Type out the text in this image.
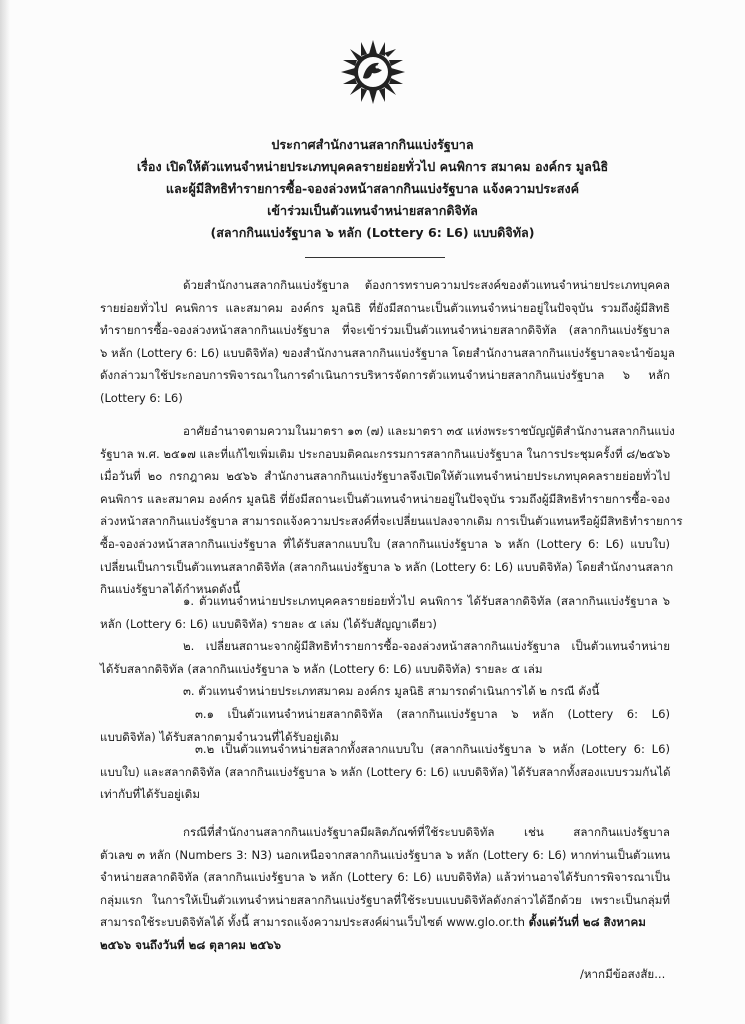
ประกาศสำนักงานสลากกินแบ่งรัฐบาล
เรื่อง เปิดให้ตัวแทนจำหน่ายประเภทบุคคลรายย่อยทั่วไป คนพิการ สมาคม องค์กร มูลนิธิ
และผู้มีสิทธิทำรายการซื้อ-จองล่วงหน้าสลากกินแบ่งรัฐบาล แจ้งความประสงค์
เข้าร่วมเป็นตัวแทนจำหน่ายสลากดิจิทัล
(สลากกินแบ่งรัฐบาล ๖ หลัก (Lottery 6: L6) แบบดิจิทัล)
ด้วยสำนักงานสลากกินแบ่งรัฐบาล ต้องการทราบความประสงค์ของตัวแทนจำหน่ายประเภทบุคคล
รายย่อยทั่วไป คนพิการ และสมาคม องค์กร มูลนิธิ ที่ยังมีสถานะเป็นตัวแทนจำหน่ายอยู่ในปัจจุบัน รวมถึงผู้มีสิทธิ
ทำรายการซื้อ-จองล่วงหน้าสลากกินแบ่งรัฐบาล ที่จะเข้าร่วมเป็นตัวแทนจำหน่ายสลากดิจิทัล (สลากกินแบ่งรัฐบาล
๖ หลัก (Lottery 6: L6) แบบดิจิทัล) ของสำนักงานสลากกินแบ่งรัฐบาล โดยสำนักงานสลากกินแบ่งรัฐบาลจะนำข้อมูล
ดังกล่าวมาใช้ประกอบการพิจารณาในการดำเนินการบริหารจัดการตัวแทนจำหน่ายสลากกินแบ่งรัฐบาล ๖ หลัก
(Lottery 6: L6)
อาศัยอำนาจตามความในมาตรา ๑๓ (๗) และมาตรา ๓๕ แห่งพระราชบัญญัติสำนักงานสลากกินแบ่ง
รัฐบาล พ.ศ. ๒๕๑๗ และที่แก้ไขเพิ่มเติม ประกอบมติคณะกรรมการสลากกินแบ่งรัฐบาล ในการประชุมครั้งที่ ๘/๒๕๖๖
เมื่อวันที่ ๒๐ กรกฎาคม ๒๕๖๖ สำนักงานสลากกินแบ่งรัฐบาลจึงเปิดให้ตัวแทนจำหน่ายประเภทบุคคลรายย่อยทั่วไป
คนพิการ และสมาคม องค์กร มูลนิธิ ที่ยังมีสถานะเป็นตัวแทนจำหน่ายอยู่ในปัจจุบัน รวมถึงผู้มีสิทธิทำรายการซื้อ-จอง
ล่วงหน้าสลากกินแบ่งรัฐบาล สามารถแจ้งความประสงค์ที่จะเปลี่ยนแปลงจากเดิม การเป็นตัวแทนหรือผู้มีสิทธิทำรายการ
ซื้อ-จองล่วงหน้าสลากกินแบ่งรัฐบาล ที่ได้รับสลากแบบใบ (สลากกินแบ่งรัฐบาล ๖ หลัก (Lottery 6: L6) แบบใบ)
เปลี่ยนเป็นการเป็นตัวแทนสลากดิจิทัล (สลากกินแบ่งรัฐบาล ๖ หลัก (Lottery 6: L6) แบบดิจิทัล) โดยสำนักงานสลาก
กินแบ่งรัฐบาลได้กำหนดดังนี้
๑. ตัวแทนจำหน่ายประเภทบุคคลรายย่อยทั่วไป คนพิการ ได้รับสลากดิจิทัล (สลากกินแบ่งรัฐบาล ๖
หลัก (Lottery 6: L6) แบบดิจิทัล) รายละ ๕ เล่ม (ได้รับสัญญาเดียว)
๒. เปลี่ยนสถานะจากผู้มีสิทธิทำรายการซื้อ-จองล่วงหน้าสลากกินแบ่งรัฐบาล เป็นตัวแทนจำหน่าย
ได้รับสลากดิจิทัล (สลากกินแบ่งรัฐบาล ๖ หลัก (Lottery 6: L6) แบบดิจิทัล) รายละ ๕ เล่ม
๓. ตัวแทนจำหน่ายประเภทสมาคม องค์กร มูลนิธิ สามารถดำเนินการได้ ๒ กรณี ดังนี้
๓.๑ เป็นตัวแทนจำหน่ายสลากดิจิทัล (สลากกินแบ่งรัฐบาล ๖ หลัก (Lottery 6: L6)
แบบดิจิทัล) ได้รับสลากตามจำนวนที่ได้รับอยู่เดิม
๓.๒ เป็นตัวแทนจำหน่ายสลากทั้งสลากแบบใบ (สลากกินแบ่งรัฐบาล ๖ หลัก (Lottery 6: L6)
แบบใบ) และสลากดิจิทัล (สลากกินแบ่งรัฐบาล ๖ หลัก (Lottery 6: L6) แบบดิจิทัล) ได้รับสลากทั้งสองแบบรวมกันได้
เท่ากับที่ได้รับอยู่เดิม
กรณีที่สำนักงานสลากกินแบ่งรัฐบาลมีผลิตภัณฑ์ที่ใช้ระบบดิจิทัล เช่น สลากกินแบ่งรัฐบาล
ตัวเลข ๓ หลัก (Numbers 3: N3) นอกเหนือจากสลากกินแบ่งรัฐบาล ๖ หลัก (Lottery 6: L6) หากท่านเป็นตัวแทน
จำหน่ายสลากดิจิทัล (สลากกินแบ่งรัฐบาล ๖ หลัก (Lottery 6: L6) แบบดิจิทัล) แล้วท่านอาจได้รับการพิจารณาเป็น
กลุ่มแรก ในการให้เป็นตัวแทนจำหน่ายสลากกินแบ่งรัฐบาลที่ใช้ระบบแบบดิจิทัลดังกล่าวได้อีกด้วย เพราะเป็นกลุ่มที่
สามารถใช้ระบบดิจิทัลได้ ทั้งนี้ สามารถแจ้งความประสงค์ผ่านเว็บไซต์ www.glo.or.th ตั้งแต่วันที่ ๒๘ สิงหาคม
๒๕๖๖ จนถึงวันที่ ๒๘ ตุลาคม ๒๕๖๖
/หากมีข้อสงสัย...
